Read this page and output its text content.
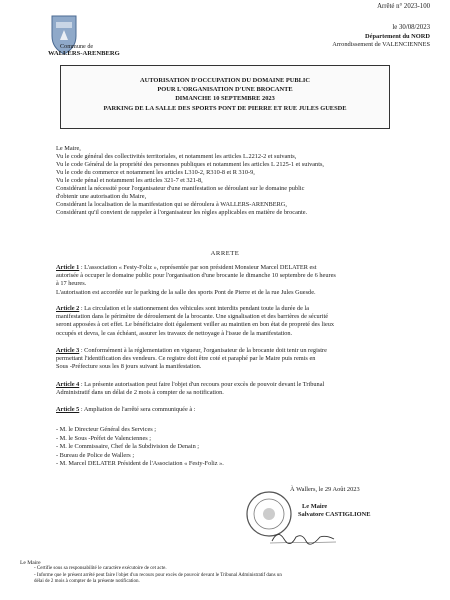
Commune de
WALLERS-ARENBERG
Arrêté n° 2023-100
le 30/08/2023
Département du NORD
Arrondissement de VALENCIENNES
AUTORISATION D'OCCUPATION DU DOMAINE PUBLIC
POUR L'ORGANISATION D'UNE BROCANTE
DIMANCHE 10 SEPTEMBRE 2023
PARKING DE LA SALLE DES SPORTS PONT DE PIERRE ET RUE JULES GUESDE

Le Maire,

Vu le code général des collectivités territoriales, et notamment les articles L.2212-2 et suivants,

Vu le code Général de la propriété des personnes publiques et notamment les articles L 2125-1 et suivants,

Vu le code du commerce et notamment les articles L310-2, R310-8 et R 310-9,

Vu le code pénal et notamment les articles 321-7 et 321-8,

Considérant la nécessité pour l'organisateur d'une manifestation se déroulant sur le domaine public

d'obtenir une autorisation du Maire,

Considérant la localisation de la manifestation qui se déroulera à WALLERS-ARENBERG,

Considérant qu'il convient de rappeler à l'organisateur les règles applicables en matière de brocante.

ARRETE
Article 1 : L'association « Festy-Foliz », représentée par son président Monsieur Marcel DELATER est
autorisée à occuper le domaine public pour l'organisation d'une brocante le dimanche 10 septembre de 6 heures
à 17 heures.
L'autorisation est accordée sur le parking de la salle des sports Pont de Pierre et de la rue Jules Guesde.
Article 2 : La circulation et le stationnement des véhicules sont interdits pendant toute la durée de la
manifestation dans le périmètre de déroulement de la brocante. Une signalisation et des barrières de sécurité
seront apposées à cet effet. Le bénéficiaire doit également veiller au maintien en bon état de propreté des lieux
occupés et devra, le cas échéant, assurer les travaux de nettoyage à l'issue de la manifestation.
Article 3 : Conformément à la réglementation en vigueur, l'organisateur de la brocante doit tenir un registre
permettant l'identification des vendeurs. Ce registre doit être coté et paraphé par le Maire puis remis en
Sous -Préfecture sous les 8 jours suivant la manifestation.
Article 4 : La présente autorisation peut faire l'objet d'un recours pour excès de pouvoir devant le Tribunal
Administratif dans un délai de 2 mois à compter de sa notification.
Article 5 : Ampliation de l'arrêté sera communiquée à :
- M. le Directeur Général des Services ;
- M. le Sous -Préfet de Valenciennes ;
- M. le Commissaire, Chef de la Subdivision de Denain ;
- Bureau de Police de Wallers ;
- M. Marcel DELATER Président de l'Association « Festy-Foliz ».
À Wallers, le 29 Août 2023
Le Maire
Salvatore CASTIGLIONE
Le Maire
- Certifie sous sa responsabilité le caractère exécutoire de cet acte.
- Informe que le présent arrêté peut faire l'objet d'un recours pour excès de pouvoir devant le Tribunal Administratif dans un
délai de 2 mois à compter de la présente notification.
